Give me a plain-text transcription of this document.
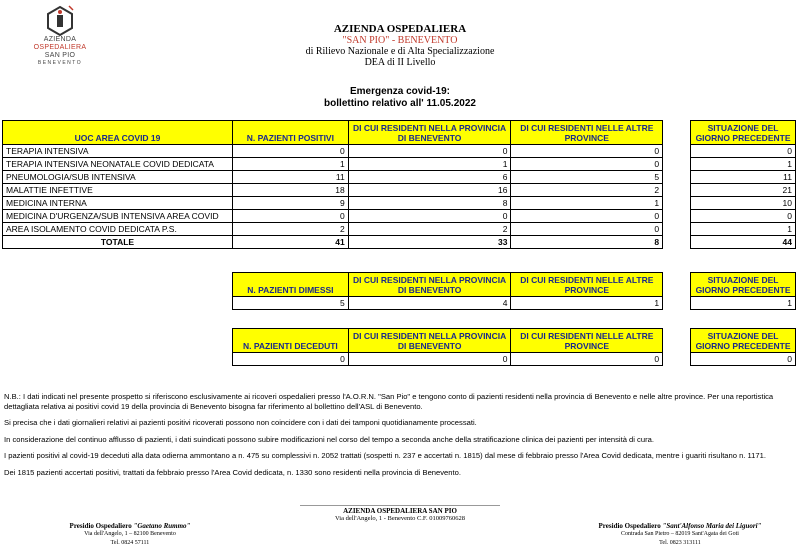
AZIENDA
OSPEDALIERA
SAN PIO
BENEVENTO
AZIENDA OSPEDALIERA
"SAN PIO" - BENEVENTO
di Rilievo Nazionale e di Alta Specializzazione
DEA di II Livello
Emergenza covid-19:
bollettino relativo all' 11.05.2022
UOC AREA COVID 19	N. PAZIENTI POSITIVI	DI CUI RESIDENTI NELLA PROVINCIA DI BENEVENTO	DI CUI RESIDENTI NELLE ALTRE PROVINCE		SITUAZIONE DEL GIORNO PRECEDENTE
TERAPIA INTENSIVA	0	0	0		0
TERAPIA INTENSIVA NEONATALE COVID DEDICATA	1	1	0		1
PNEUMOLOGIA/SUB INTENSIVA	11	6	5		11
MALATTIE INFETTIVE	18	16	2		21
MEDICINA INTERNA	9	8	1		10
MEDICINA D'URGENZA/SUB INTENSIVA AREA COVID	0	0	0		0
AREA ISOLAMENTO COVID DEDICATA P.S.	2	2	0		1
TOTALE	41	33	8		44
N. PAZIENTI DIMESSI	DI CUI RESIDENTI NELLA PROVINCIA DI BENEVENTO	DI CUI RESIDENTI NELLE ALTRE PROVINCE		SITUAZIONE DEL GIORNO PRECEDENTE
5	4	1		1
N. PAZIENTI DECEDUTI	DI CUI RESIDENTI NELLA PROVINCIA DI BENEVENTO	DI CUI RESIDENTI NELLE ALTRE PROVINCE		SITUAZIONE DEL GIORNO PRECEDENTE
0	0	0		0

N.B.: I dati indicati nel presente prospetto si riferiscono esclusivamente ai ricoveri ospedalieri presso l'A.O.R.N. "San Pio" e tengono conto di pazienti residenti nella provincia di Benevento e nelle altre province. Per una reportistica dettagliata relativa ai positivi covid 19 della provincia di Benevento bisogna far riferimento al bollettino dell'ASL di Benevento.

Si precisa che i dati giornalieri relativi ai pazienti positivi ricoverati possono non coincidere con i dati dei tamponi quotidianamente processati.

In considerazione del continuo afflusso di pazienti, i dati suindicati possono subire modificazioni nel corso del tempo a seconda anche della stratificazione clinica dei pazienti per intensità di cura.

I pazienti positivi al covid-19 deceduti alla data odierna ammontano a n. 475 su complessivi n. 2052 trattati (sospetti n. 237 e accertati n. 1815) dal mese di febbraio presso l'Area Covid dedicata, mentre i guariti risultano n. 1171.

Dei 1815 pazienti accertati positivi, trattati da febbraio presso l'Area Covid dedicata, n. 1330 sono residenti nella provincia di Benevento.

AZIENDA OSPEDALIERA SAN PIO
Via dell'Angelo, 1 - Benevento C.F. 01009760628
Presidio Ospedaliero "Gaetano Rummo"
Via dell'Angelo, 1 – 82100 Benevento
Tel. 0824 57111
Presidio Ospedaliero "Sant'Alfonso Maria dei Liguori"
Contrada San Pietro – 82019 Sant'Agata dei Goti
Tel. 0823 313111
